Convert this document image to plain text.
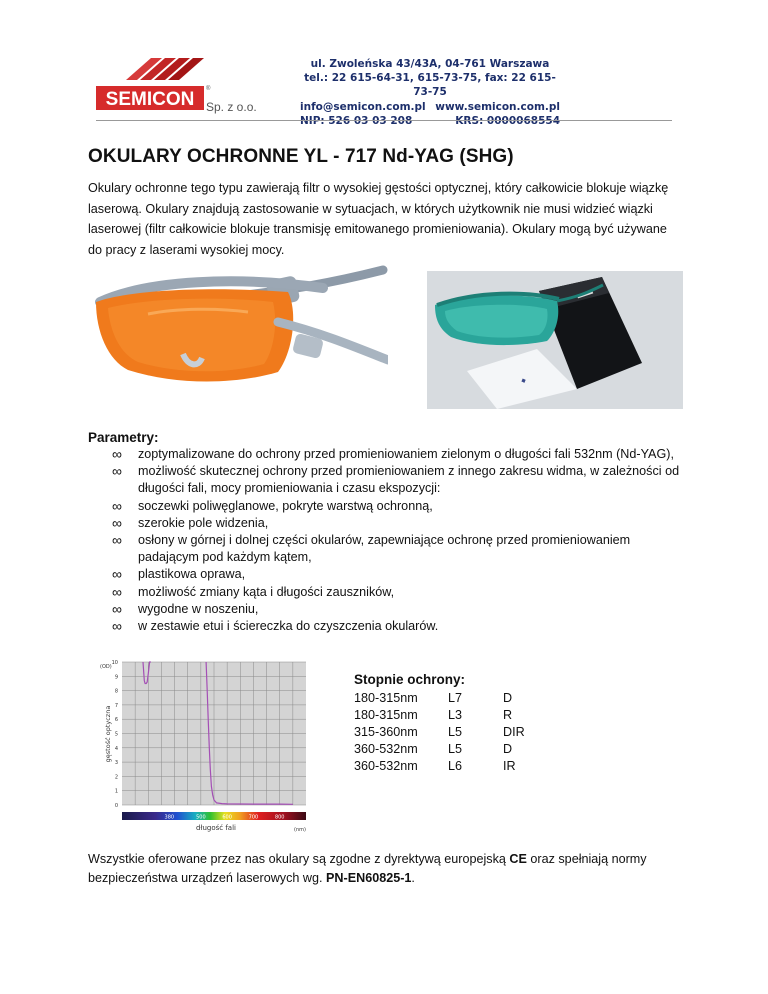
SEMICON ®
Sp. z o.o.
ul. Zwoleńska 43/43A, 04-761 Warszawa
tel.: 22 615-64-31, 615-73-75, fax: 22 615-73-75
info@semicon.com.pl www.semicon.com.pl
OKULARY OCHRONNE YL - 717 Nd-YAG (SHG)

Okulary ochronne tego typu zawierają filtr o wysokiej gęstości optycznej, który całkowicie blokuje wiązkę laserową. Okulary znajdują zastosowanie w sytuacjach, w których użytkownik nie musi widzieć wiązki laserowej (filtr całkowicie blokuje transmisję emitowanego promieniowania). Okulary mogą być używane do pracy z laserami wysokiej mocy.

◆
Parametry:
∞ zoptymalizowane do ochrony przed promieniowaniem zielonym o długości fali 532nm (Nd-YAG),
∞ możliwość skutecznej ochrony przed promieniowaniem z innego zakresu widma, w zależności od długości fali, mocy promieniowania i czasu ekspozycji:
∞ soczewki poliwęglanowe, pokryte warstwą ochronną,
∞ szerokie pole widzenia,
∞ osłony w górnej i dolnej części okularów, zapewniające ochronę przed promieniowaniem padającym pod każdym kątem,
∞ plastikowa oprawa,
∞ możliwość zmiany kąta i długości zauszników,
∞ wygodne w noszeniu,
∞ w zestawie etui i ściereczka do czyszczenia okularów.
0
1
2
3
4
5
6
7
8
9
10
380	500	600	700	800
(OD)
gęstość optyczna
długość fali	(nm)
Stopnie ochrony:
180-315nm	L7	D
180-315nm	L3	R
315-360nm	L5	DIR
360-532nm	L5	D
360-532nm	L6	IR

Wszystkie oferowane przez nas okulary są zgodne z dyrektywą europejską CE oraz spełniają normy bezpieczeństwa urządzeń laserowych wg. PN-EN60825-1.
